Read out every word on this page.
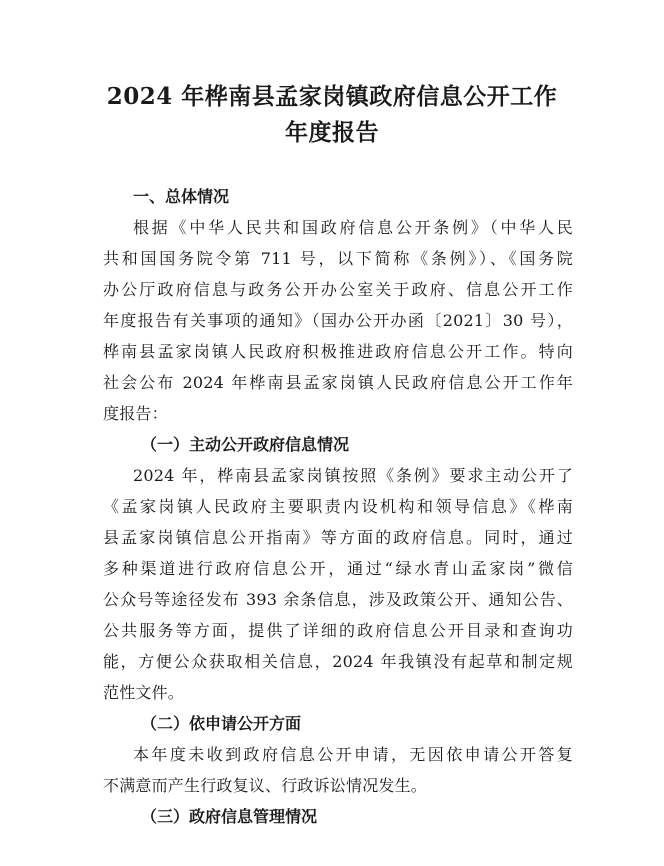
2024 年桦南县孟家岗镇政府信息公开工作
年度报告
一、总体情况
根据《中华人民共和国政府信息公开条例》（中华人民
共和国国务院令第 711 号，以下简称《条例》）、《国务院
办公厅政府信息与政务公开办公室关于政府、信息公开工作
年度报告有关事项的通知》（国办公开办函〔2021〕30 号），
桦南县孟家岗镇人民政府积极推进政府信息公开工作。特向
社会公布 2024 年桦南县孟家岗镇人民政府信息公开工作年
度报告：
（一）主动公开政府信息情况
2024 年，桦南县孟家岗镇按照《条例》要求主动公开了
《孟家岗镇人民政府主要职责内设机构和领导信息》《桦南
县孟家岗镇信息公开指南》等方面的政府信息。同时，通过
多种渠道进行政府信息公开，通过“绿水青山孟家岗”微信
公众号等途径发布 393 余条信息，涉及政策公开、通知公告、
公共服务等方面，提供了详细的政府信息公开目录和查询功
能，方便公众获取相关信息，2024 年我镇没有起草和制定规
范性文件。
（二）依申请公开方面
本年度未收到政府信息公开申请，无因依申请公开答复
不满意而产生行政复议、行政诉讼情况发生。
（三）政府信息管理情况
